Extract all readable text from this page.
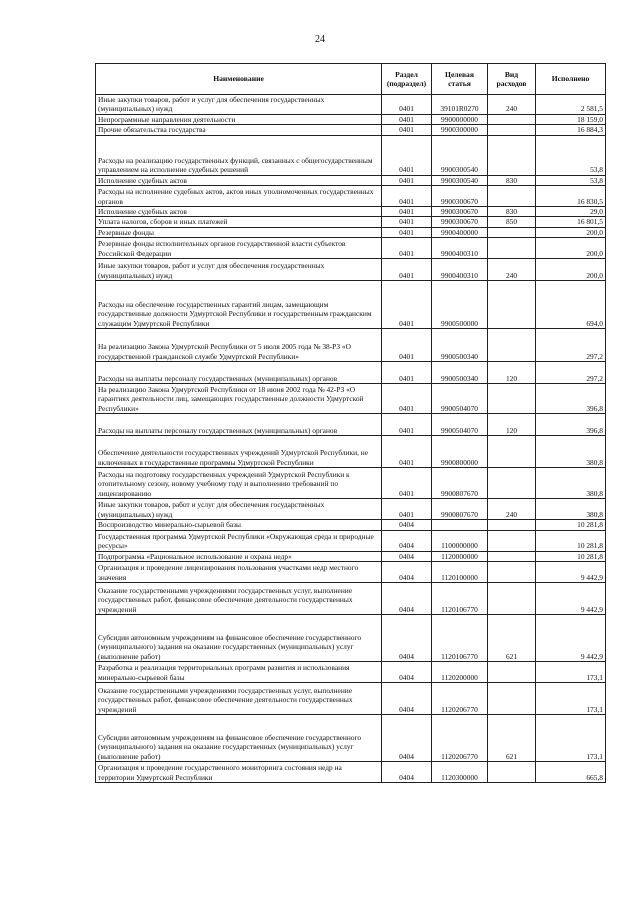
24
Наименование	Раздел (подраздел)	Целевая статья	Вид расходов	Исполнено
Иные закупки товаров, работ и услуг для обеспечения государственных (муниципальных) нужд	0401	39101R0270	240	2 581,5
Непрограммные направления деятельности	0401	9900000000		18 159,0
Прочие обязательства государства	0401	9900300000		16 884,3
Расходы на реализацию государственных функций, связанных с общегосударственным управлением на исполнение судебных решений	0401	9900300540		53,8
Исполнение судебных актов	0401	9900300540	830	53,8
Расходы на исполнение судебных актов, актов иных уполномоченных государственных органов	0401	9900300670		16 830,5
Исполнение судебных актов	0401	9900300670	830	29,0
Уплата налогов, сборов и иных платежей	0401	9900300670	850	16 801,5
Резервные фонды	0401	9900400000		200,0
Резервные фонды исполнительных органов государственной власти субъектов Российской Федерации	0401	9900400310		200,0
Иные закупки товаров, работ и услуг для обеспечения государственных (муниципальных) нужд	0401	9900400310	240	200,0
Расходы на обеспечение государственных гарантий лицам, замещающим государственные должности Удмуртской Республики и государственным гражданским служащим Удмуртской Республики	0401	9900500000		694,0
На реализацию Закона Удмуртской Республики от 5 июля 2005 года № 38-РЗ «О государственной гражданской службе Удмуртской Республики»	0401	9900500340		297,2
Расходы на выплаты персоналу государственных (муниципальных) органов	0401	9900500340	120	297,2
На реализацию Закона Удмуртской Республики от 18 июня 2002 года № 42-РЗ «О гарантиях деятельности лиц, замещающих государственные должности Удмуртской Республики»	0401	9900504070		396,8
Расходы на выплаты персоналу государственных (муниципальных) органов	0401	9900504070	120	396,8
Обеспечение деятельности государственных учреждений Удмуртской Республики, не включенных в государственные программы Удмуртской Республики	0401	9900800000		380,8
Расходы на подготовку государственных учреждений Удмуртской Республики к отопительному сезону, новому учебному году и выполнению требований по лицензированию	0401	9900807670		380,8
Иные закупки товаров, работ и услуг для обеспечения государственных (муниципальных) нужд	0401	9900807670	240	380,8
Воспроизводство минерально-сырьевой базы	0404			10 281,8
Государственная программа Удмуртской Республики «Окружающая среда и природные ресурсы»	0404	1100000000		10 281,8
Подпрограмма «Рациональное использование и охрана недр»	0404	1120000000		10 281,8
Организация и проведение лицензирования пользования участками недр местного значения	0404	1120100000		9 442,9
Оказание государственными учреждениями государственных услуг, выполнение государственных работ, финансовое обеспечение деятельности государственных учреждений	0404	1120106770		9 442,9
Субсидии автономным учреждениям на финансовое обеспечение государственного (муниципального) задания на оказание государственных (муниципальных) услуг (выполнение работ)	0404	1120106770	621	9 442,9
Разработка и реализация территориальных программ развития и использования минерально-сырьевой базы	0404	1120200000		173,1
Оказание государственными учреждениями государственных услуг, выполнение государственных работ, финансовое обеспечение деятельности государственных учреждений	0404	1120206770		173,1
Субсидии автономным учреждениям на финансовое обеспечение государственного (муниципального) задания на оказание государственных (муниципальных) услуг (выполнение работ)	0404	1120206770	621	173,1
Организация и проведение государственного мониторинга состояния недр на территории Удмуртской Республики	0404	1120300000		665,8
